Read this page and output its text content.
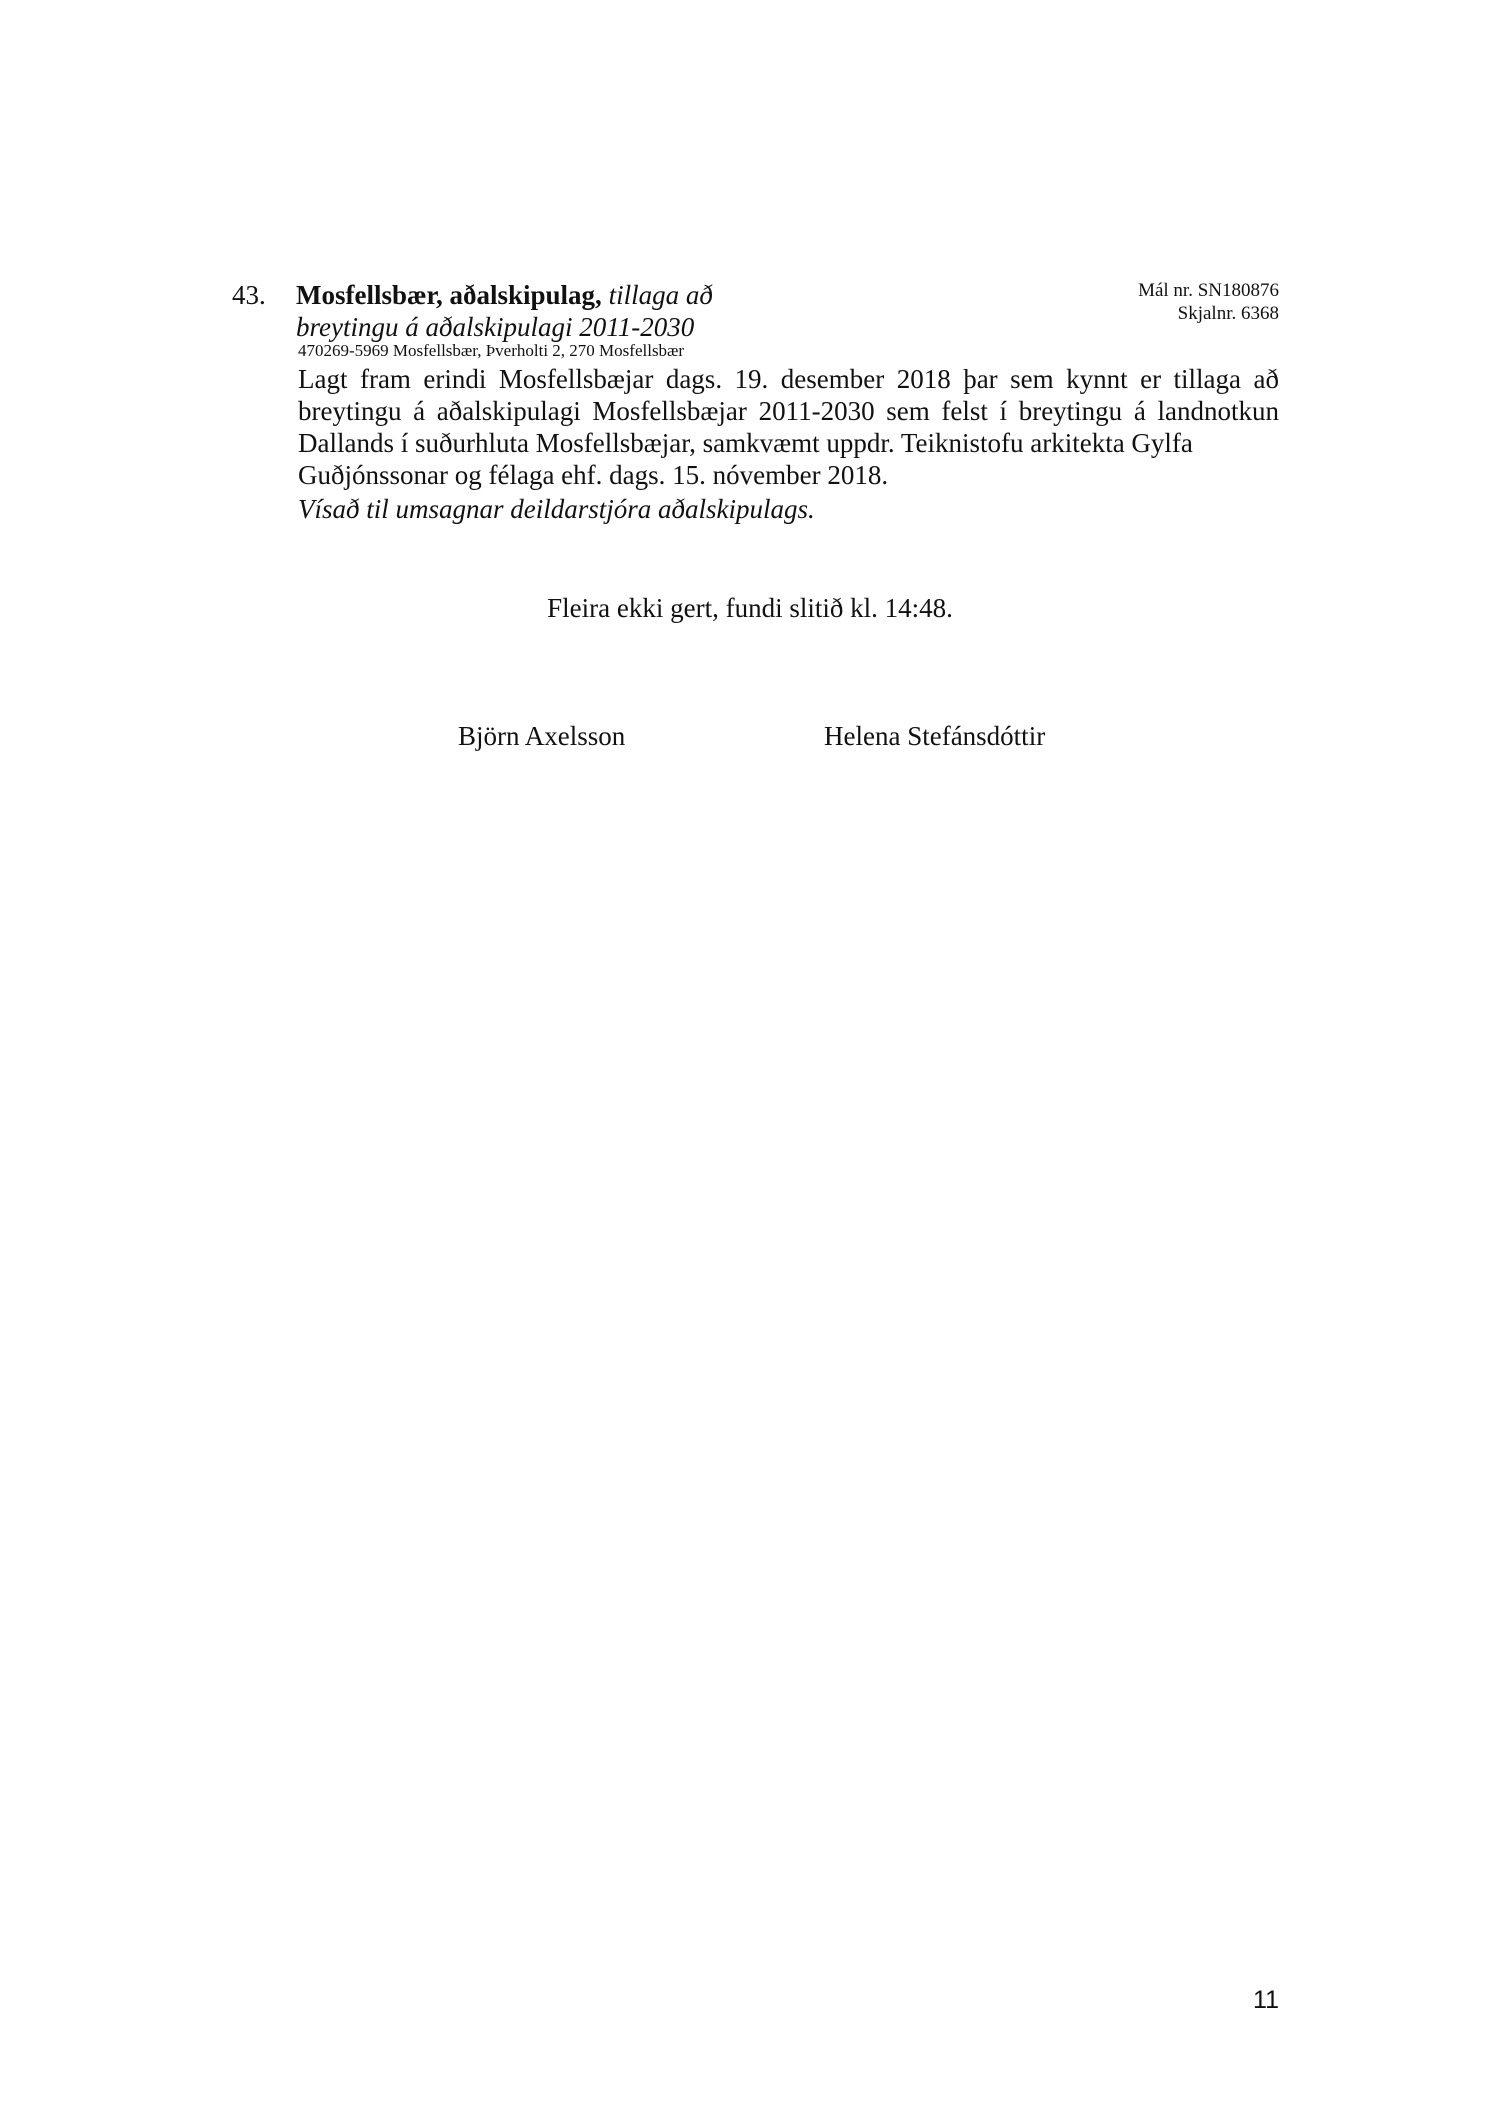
43. Mosfellsbær, aðalskipulag, tillaga að
breytingu á aðalskipulagi 2011-2030
Mál nr. SN180876
Skjalnr. 6368
470269-5969 Mosfellsbær, Þverholti 2, 270 Mosfellsbær

Lagt fram erindi Mosfellsbæjar dags. 19. desember 2018 þar sem kynnt er tillaga að breytingu á aðalskipulagi Mosfellsbæjar 2011-2030 sem felst í breytingu á landnotkun Dallands í suðurhluta Mosfellsbæjar, samkvæmt uppdr. Teiknistofu arkitekta Gylfa
Guðjónssonar og félaga ehf. dags. 15. nóvember 2018.

Vísað til umsagnar deildarstjóra aðalskipulags.
Fleira ekki gert, fundi slitið kl. 14:48.
Björn Axelsson	Helena Stefánsdóttir
11
